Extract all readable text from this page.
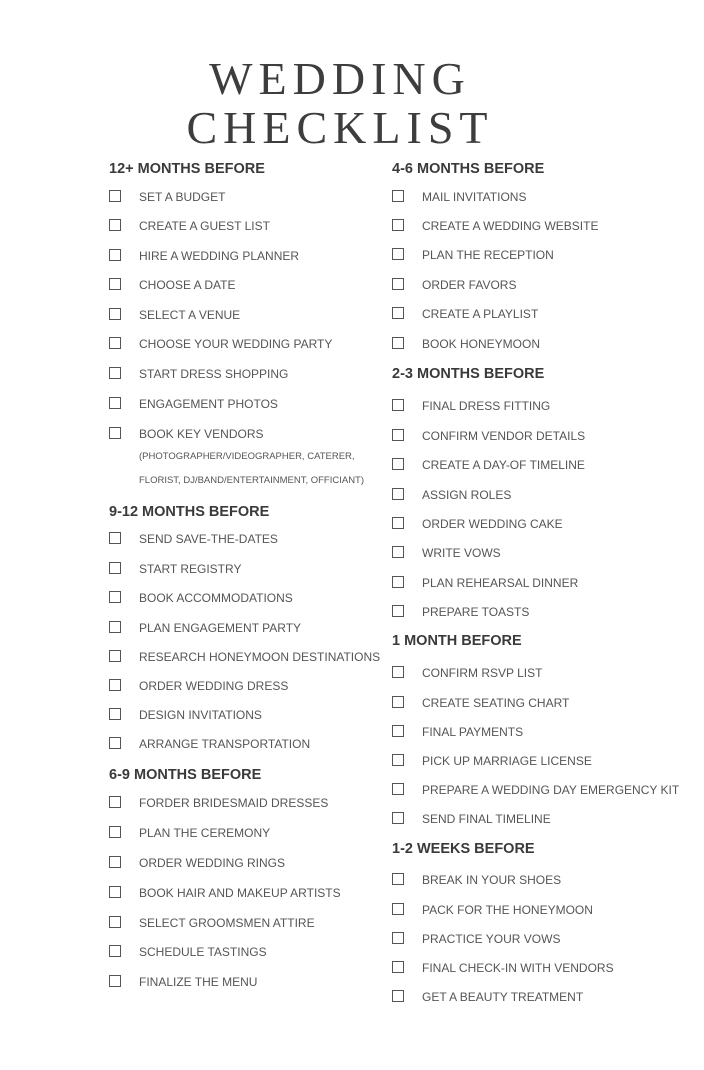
WEDDING
CHECKLIST
12+ MONTHS BEFORE
SET A BUDGET
CREATE A GUEST LIST
HIRE A WEDDING PLANNER
CHOOSE A DATE
SELECT A VENUE
CHOOSE YOUR WEDDING PARTY
START DRESS SHOPPING
ENGAGEMENT PHOTOS
BOOK KEY VENDORS
(PHOTOGRAPHER/VIDEOGRAPHER, CATERER,
FLORIST, DJ/BAND/ENTERTAINMENT, OFFICIANT)
9-12 MONTHS BEFORE
SEND SAVE-THE-DATES
START REGISTRY
BOOK ACCOMMODATIONS
PLAN ENGAGEMENT PARTY
RESEARCH HONEYMOON DESTINATIONS
ORDER WEDDING DRESS
DESIGN INVITATIONS
ARRANGE TRANSPORTATION
6-9 MONTHS BEFORE
FORDER BRIDESMAID DRESSES
PLAN THE CEREMONY
ORDER WEDDING RINGS
BOOK HAIR AND MAKEUP ARTISTS
SELECT GROOMSMEN ATTIRE
SCHEDULE TASTINGS
FINALIZE THE MENU
4-6 MONTHS BEFORE
MAIL INVITATIONS
CREATE A WEDDING WEBSITE
PLAN THE RECEPTION
ORDER FAVORS
CREATE A PLAYLIST
BOOK HONEYMOON
2-3 MONTHS BEFORE
FINAL DRESS FITTING
CONFIRM VENDOR DETAILS
CREATE A DAY-OF TIMELINE
ASSIGN ROLES
ORDER WEDDING CAKE
WRITE VOWS
PLAN REHEARSAL DINNER
PREPARE TOASTS
1 MONTH BEFORE
CONFIRM RSVP LIST
CREATE SEATING CHART
FINAL PAYMENTS
PICK UP MARRIAGE LICENSE
PREPARE A WEDDING DAY EMERGENCY KIT
SEND FINAL TIMELINE
1-2 WEEKS BEFORE
BREAK IN YOUR SHOES
PACK FOR THE HONEYMOON
PRACTICE YOUR VOWS
FINAL CHECK-IN WITH VENDORS
GET A BEAUTY TREATMENT
